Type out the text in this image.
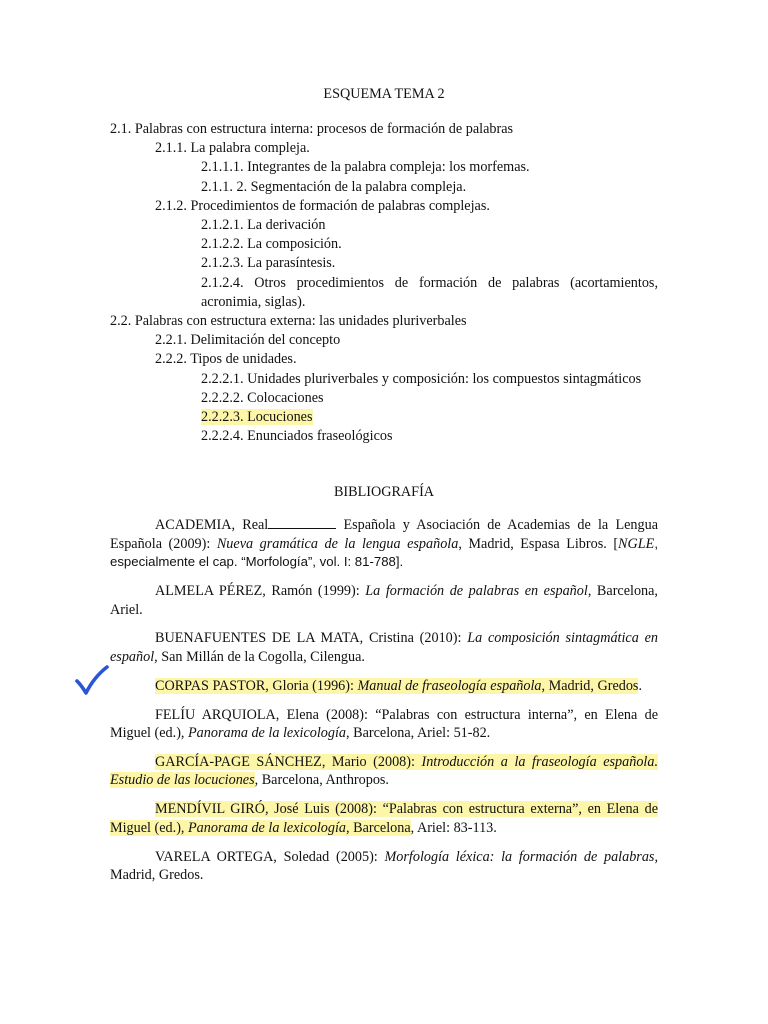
ESQUEMA TEMA 2
2.1. Palabras con estructura interna: procesos de formación de palabras
2.1.1. La palabra compleja.
2.1.1.1. Integrantes de la palabra compleja: los morfemas.
2.1.1. 2. Segmentación de la palabra compleja.
2.1.2. Procedimientos de formación de palabras complejas.
2.1.2.1. La derivación
2.1.2.2. La composición.
2.1.2.3. La parasíntesis.
2.1.2.4. Otros procedimientos de formación de palabras (acortamientos, acronimia, siglas).
2.2. Palabras con estructura externa: las unidades pluriverbales
2.2.1. Delimitación del concepto
2.2.2. Tipos de unidades.
2.2.2.1. Unidades pluriverbales y composición: los compuestos sintagmáticos
2.2.2.2. Colocaciones
2.2.2.3. Locuciones
2.2.2.4. Enunciados fraseológicos
BIBLIOGRAFÍA
ACADEMIA, Real	Española y Asociación de Academias de la Lengua Española (2009): Nueva gramática de la lengua española, Madrid, Espasa Libros. [NGLE, especialmente el cap. “Morfología”, vol. I: 81-788].
ALMELA PÉREZ, Ramón (1999): La formación de palabras en español, Barcelona, Ariel.
BUENAFUENTES DE LA MATA, Cristina (2010): La composición sintagmática en español, San Millán de la Cogolla, Cilengua.
CORPAS PASTOR, Gloria (1996): Manual de fraseología española, Madrid, Gredos.
FELÍU ARQUIOLA, Elena (2008): “Palabras con estructura interna”, en Elena de Miguel (ed.), Panorama de la lexicología, Barcelona, Ariel: 51-82.
GARCÍA-PAGE SÁNCHEZ, Mario (2008): Introducción a la fraseología española. Estudio de las locuciones, Barcelona, Anthropos.
MENDÍVIL GIRÓ, José Luis (2008): “Palabras con estructura externa”, en Elena de Miguel (ed.), Panorama de la lexicología, Barcelona, Ariel: 83-113.
VARELA ORTEGA, Soledad (2005): Morfología léxica: la formación de palabras, Madrid, Gredos.
